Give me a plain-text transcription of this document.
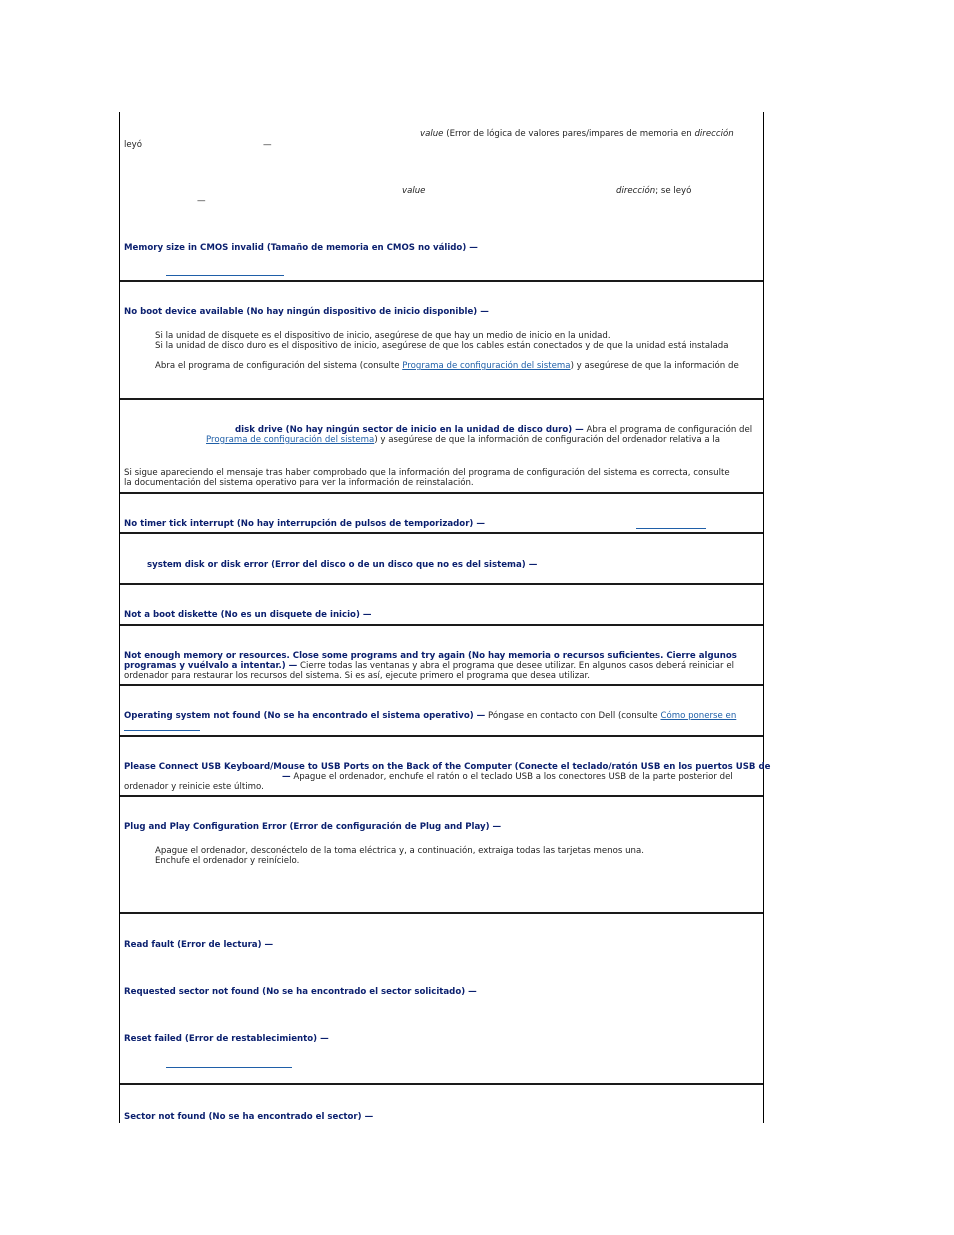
value (Error de lógica de valores pares/impares de memoria en dirección
leyó	—
value	dirección; se leyó
—
Memory size in CMOS invalid (Tamaño de memoria en CMOS no válido) —
No boot device available (No hay ningún dispositivo de inicio disponible) —
Si la unidad de disquete es el dispositivo de inicio, asegúrese de que hay un medio de inicio en la unidad.
Si la unidad de disco duro es el dispositivo de inicio, asegúrese de que los cables están conectados y de que la unidad está instalada
Abra el programa de configuración del sistema (consulte Programa de configuración del sistema) y asegúrese de que la información de
disk drive (No hay ningún sector de inicio en la unidad de disco duro) — Abra el programa de configuración del
Programa de configuración del sistema) y asegúrese de que la información de configuración del ordenador relativa a la
Si sigue apareciendo el mensaje tras haber comprobado que la información del programa de configuración del sistema es correcta, consulte
la documentación del sistema operativo para ver la información de reinstalación.
No timer tick interrupt (No hay interrupción de pulsos de temporizador) —
system disk or disk error (Error del disco o de un disco que no es del sistema) —
Not a boot diskette (No es un disquete de inicio) —
Not enough memory or resources. Close some programs and try again (No hay memoria o recursos suficientes. Cierre algunos
programas y vuélvalo a intentar.) — Cierre todas las ventanas y abra el programa que desee utilizar. En algunos casos deberá reiniciar el
ordenador para restaurar los recursos del sistema. Si es así, ejecute primero el programa que desea utilizar.
Operating system not found (No se ha encontrado el sistema operativo) — Póngase en contacto con Dell (consulte Cómo ponerse en
Please Connect USB Keyboard/Mouse to USB Ports on the Back of the Computer (Conecte el teclado/ratón USB en los puertos USB de
— Apague el ordenador, enchufe el ratón o el teclado USB a los conectores USB de la parte posterior del
ordenador y reinicie este último.
Plug and Play Configuration Error (Error de configuración de Plug and Play) —
Apague el ordenador, desconéctelo de la toma eléctrica y, a continuación, extraiga todas las tarjetas menos una.
Enchufe el ordenador y reinícielo.
Read fault (Error de lectura) —
Requested sector not found (No se ha encontrado el sector solicitado) —
Reset failed (Error de restablecimiento) —
Sector not found (No se ha encontrado el sector) —
